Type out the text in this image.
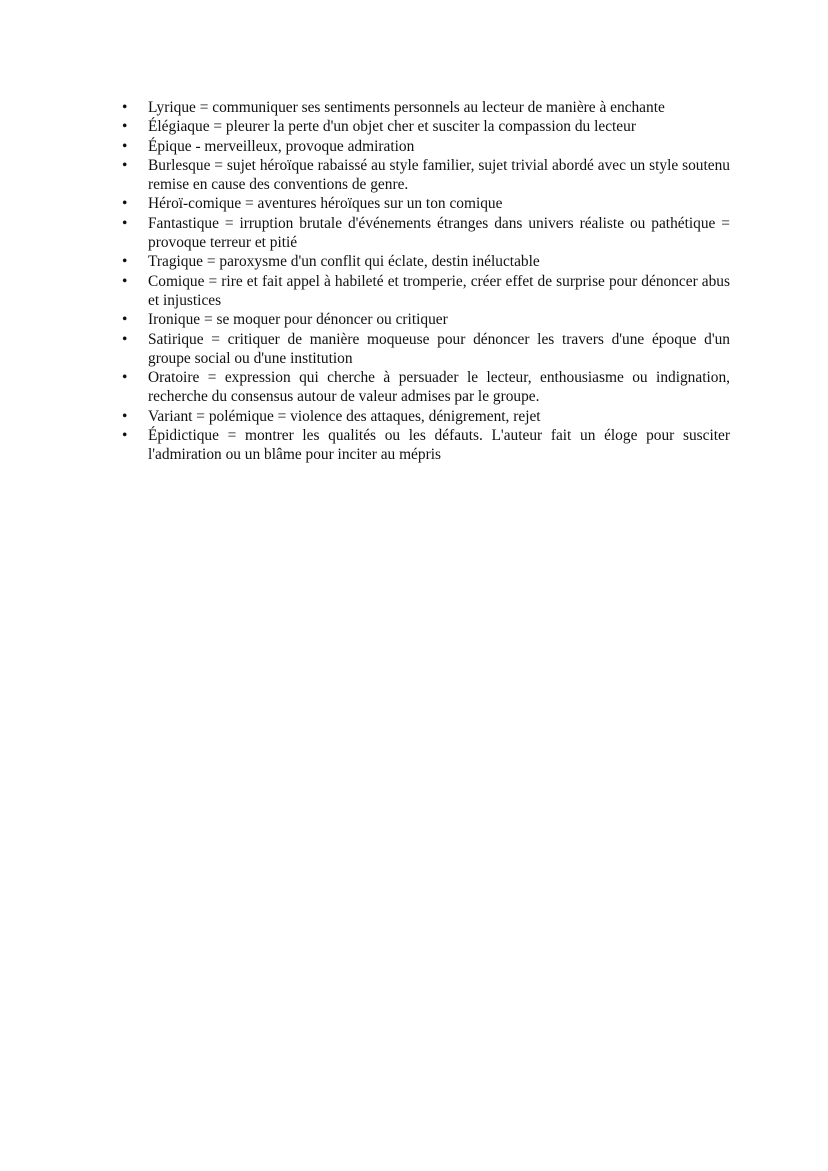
• Lyrique = communiquer ses sentiments personnels au lecteur de manière à enchante
• Élégiaque = pleurer la perte d'un objet cher et susciter la compassion du lecteur
• Épique - merveilleux, provoque admiration
• Burlesque = sujet héroïque rabaissé au style familier, sujet trivial abordé avec un style soutenu remise en cause des conventions de genre.
• Héroï-comique = aventures héroïques sur un ton comique
• Fantastique = irruption brutale d'événements étranges dans univers réaliste ou pathétique = provoque terreur et pitié
• Tragique = paroxysme d'un conflit qui éclate, destin inéluctable
• Comique = rire et fait appel à habileté et tromperie, créer effet de surprise pour dénoncer abus et injustices
• Ironique = se moquer pour dénoncer ou critiquer
• Satirique = critiquer de manière moqueuse pour dénoncer les travers d'une époque d'un groupe social ou d'une institution
• Oratoire = expression qui cherche à persuader le lecteur, enthousiasme ou indignation, recherche du consensus autour de valeur admises par le groupe.
• Variant = polémique = violence des attaques, dénigrement, rejet
• Épidictique = montrer les qualités ou les défauts. L'auteur fait un éloge pour susciter l'admiration ou un blâme pour inciter au mépris
